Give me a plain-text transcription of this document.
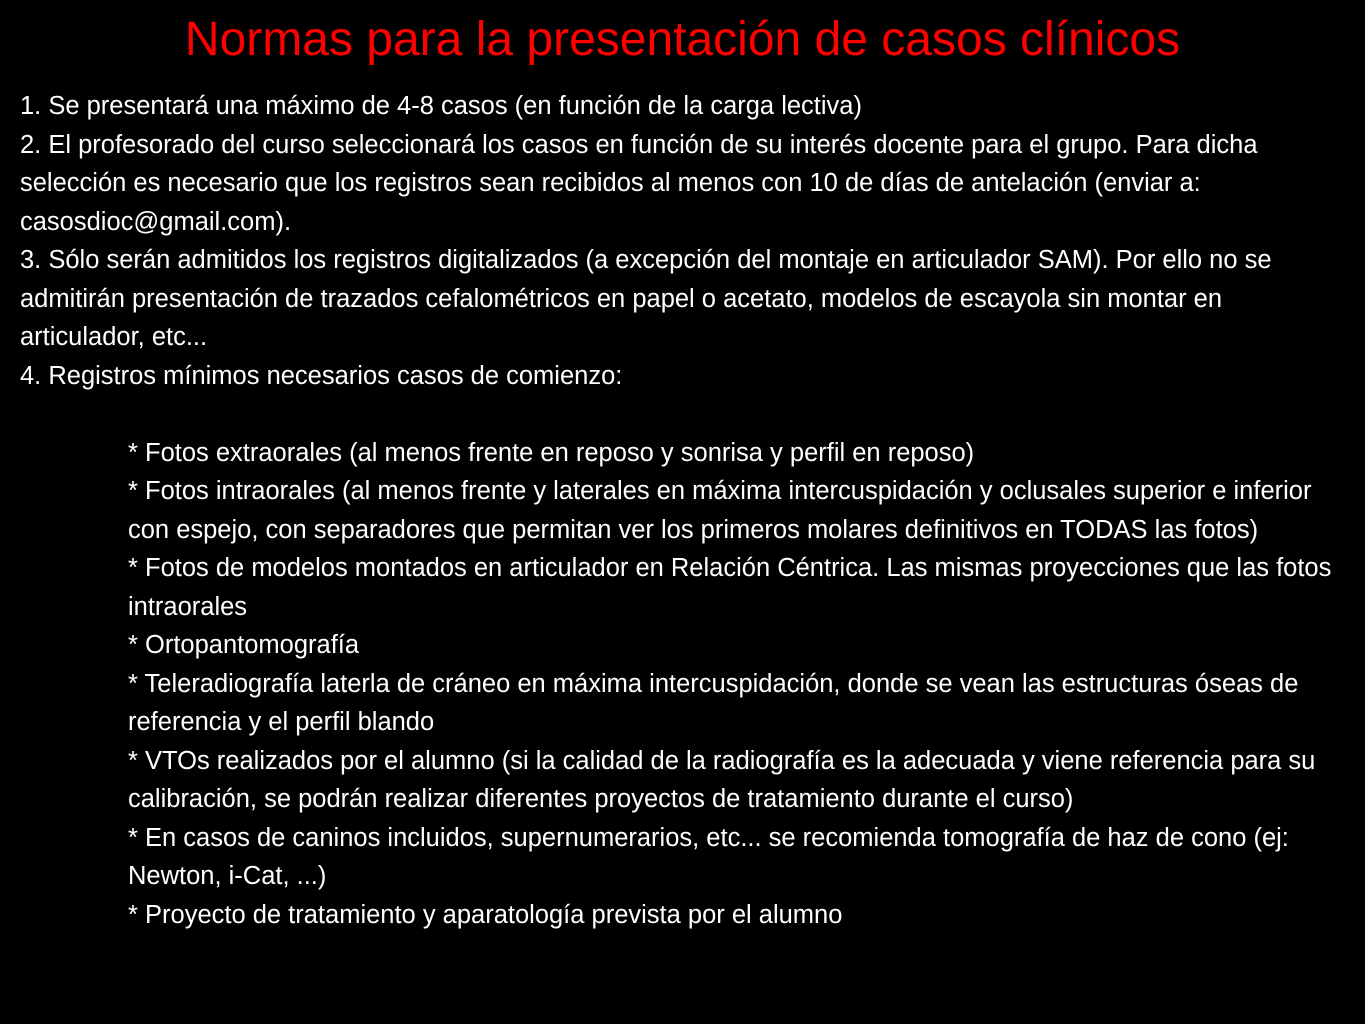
Normas para la presentación de casos clínicos

1. Se presentará una máximo de 4-8 casos (en función de la carga lectiva)

2. El profesorado del curso seleccionará los casos en función de su interés docente para el grupo. Para dicha selección es necesario que los registros sean recibidos al menos con 10 de días de antelación (enviar a: casosdioc@gmail.com).

3. Sólo serán admitidos los registros digitalizados (a excepción del montaje en articulador SAM). Por ello no se admitirán presentación de trazados cefalométricos en papel o acetato, modelos de escayola sin montar en articulador, etc...

4. Registros mínimos necesarios casos de comienzo:

* Fotos extraorales (al menos frente en reposo y sonrisa y perfil en reposo)
* Fotos intraorales (al menos frente y laterales en máxima intercuspidación y oclusales superior e inferior con espejo, con separadores que permitan ver los primeros molares definitivos en TODAS las fotos)
* Fotos de modelos montados en articulador en Relación Céntrica. Las mismas proyecciones que las fotos intraorales
* Ortopantomografía
* Teleradiografía laterla de cráneo en máxima intercuspidación, donde se vean las estructuras óseas de referencia y el perfil blando
* VTOs realizados por el alumno (si la calidad de la radiografía es la adecuada y viene referencia para su calibración, se podrán realizar diferentes proyectos de tratamiento durante el curso)
* En casos de caninos incluidos, supernumerarios, etc... se recomienda tomografía de haz de cono (ej: Newton, i-Cat, ...)
* Proyecto de tratamiento y aparatología prevista por el alumno
